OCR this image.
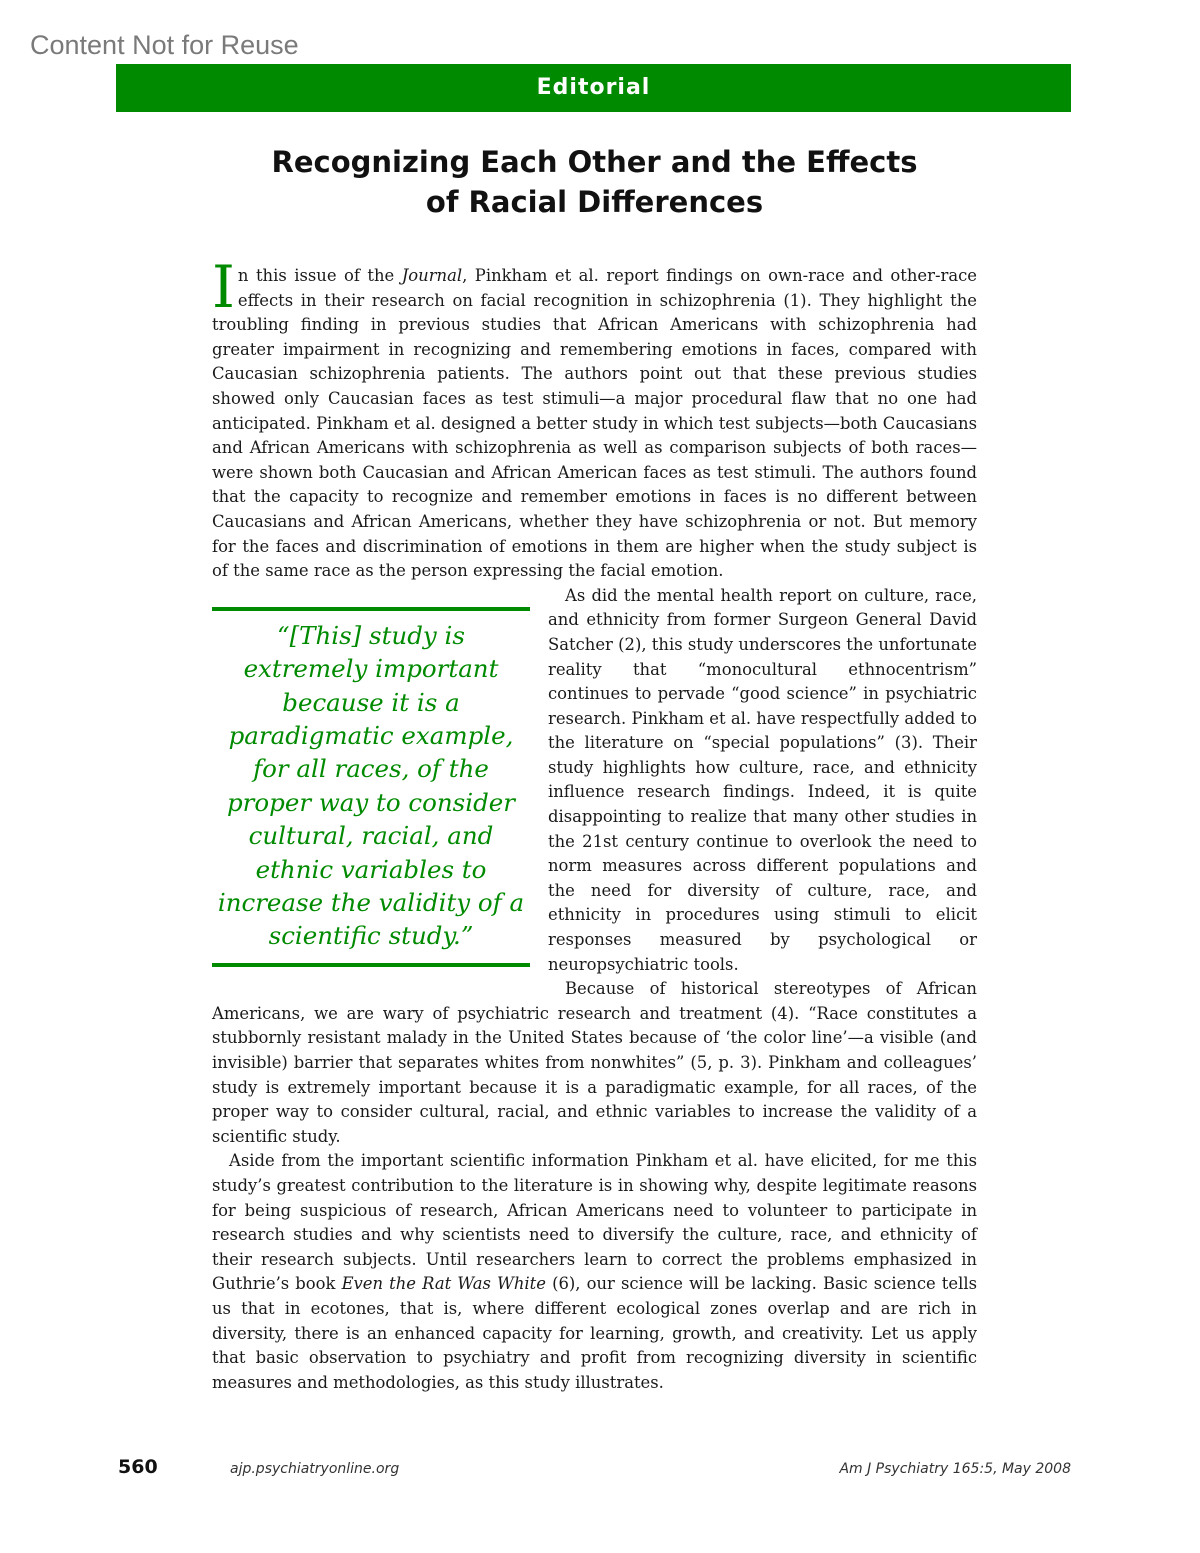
Content Not for Reuse
Editorial
Recognizing Each Other and the Effects
of Racial Differences

In this issue of the Journal, Pinkham et al. report findings on own-race and other-race effects in their research on facial recognition in schizophrenia (1). They highlight the troubling finding in previous studies that African Americans with schizophrenia had greater impairment in recognizing and remembering emotions in faces, compared with Caucasian schizophrenia patients. The authors point out that these previous studies showed only Caucasian faces as test stimuli—a major procedural flaw that no one had anticipated. Pinkham et al. designed a better study in which test subjects—both Caucasians and African Americans with schizophrenia as well as comparison subjects of both races—were shown both Caucasian and African American faces as test stimuli. The authors found that the capacity to recognize and remember emotions in faces is no different between Caucasians and African Americans, whether they have schizophrenia or not. But memory for the faces and discrimination of emotions in them are higher when the study subject is of the same race as the person expressing the facial emotion.

“[This] study is extremely important because it is a paradigmatic example, for all races, of the proper way to consider cultural, racial, and ethnic variables to increase the validity of a scientific study.”

As did the mental health report on culture, race, and ethnicity from former Surgeon General David Satcher (2), this study underscores the unfortunate reality that “monocultural ethnocentrism” continues to pervade “good science” in psychiatric research. Pinkham et al. have respectfully added to the literature on “special populations” (3). Their study highlights how culture, race, and ethnicity influence research findings. Indeed, it is quite disappointing to realize that many other studies in the 21st century continue to overlook the need to norm measures across different populations and the need for diversity of culture, race, and ethnicity in procedures using stimuli to elicit responses measured by psychological or neuropsychiatric tools.

Because of historical stereotypes of African Americans, we are wary of psychiatric research and treatment (4). “Race constitutes a stubbornly resistant malady in the United States because of ‘the color line’—a visible (and invisible) barrier that separates whites from nonwhites” (5, p. 3). Pinkham and colleagues’ study is extremely important because it is a paradigmatic example, for all races, of the proper way to consider cultural, racial, and ethnic variables to increase the validity of a scientific study.

Aside from the important scientific information Pinkham et al. have elicited, for me this study’s greatest contribution to the literature is in showing why, despite legitimate reasons for being suspicious of research, African Americans need to volunteer to participate in research studies and why scientists need to diversify the culture, race, and ethnicity of their research subjects. Until researchers learn to correct the problems emphasized in Guthrie’s book Even the Rat Was White (6), our science will be lacking. Basic science tells us that in ecotones, that is, where different ecological zones overlap and are rich in diversity, there is an enhanced capacity for learning, growth, and creativity. Let us apply that basic observation to psychiatry and profit from recognizing diversity in scientific measures and methodologies, as this study illustrates.

560	ajp.psychiatryonline.org	Am J Psychiatry 165:5, May 2008
